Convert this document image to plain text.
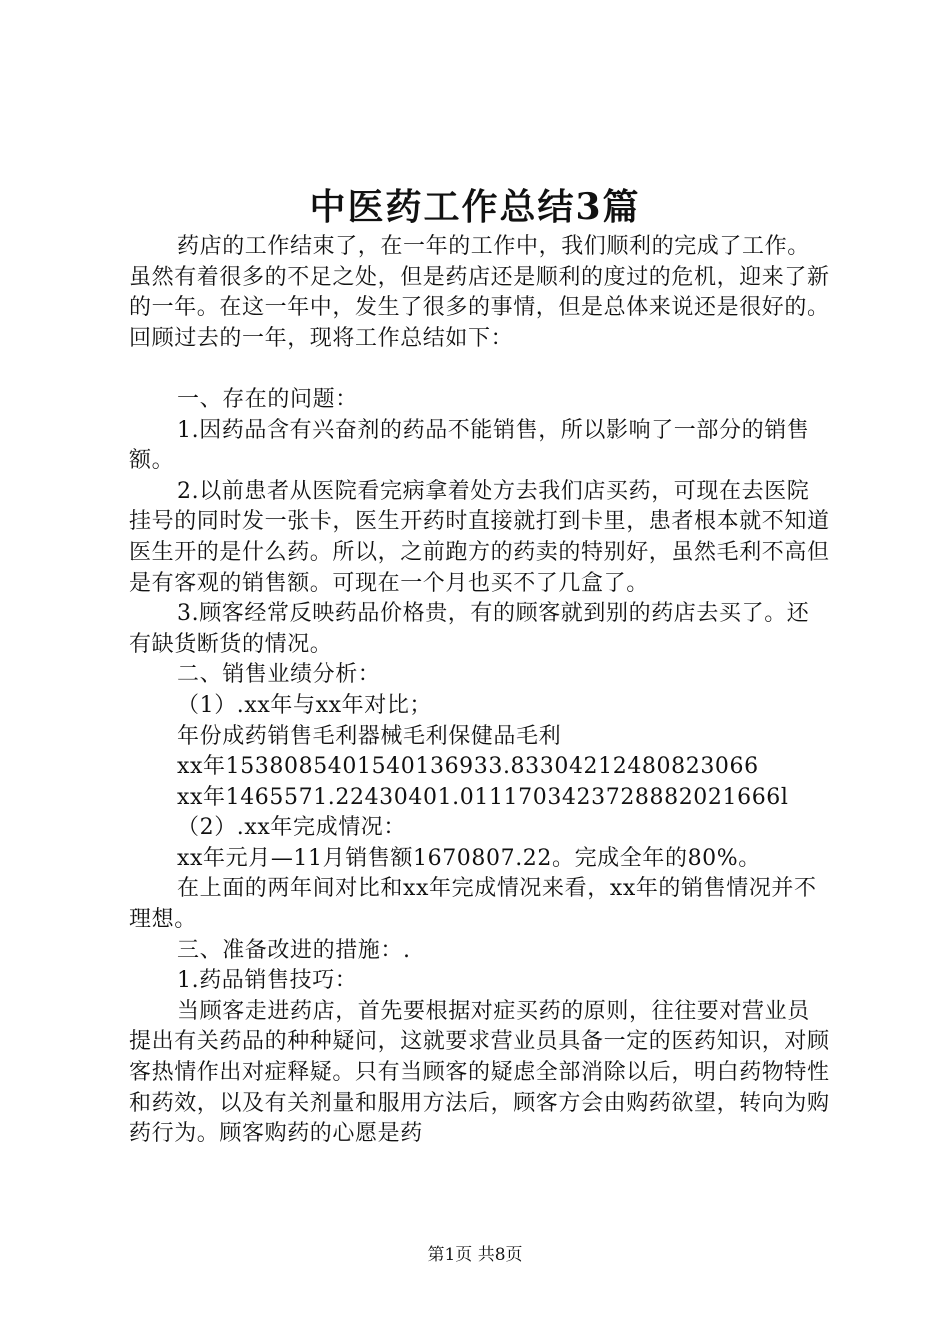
中医药工作总结3篇

药店的工作结束了，在一年的工作中，我们顺利的完成了工作。虽然有着很多的不足之处，但是药店还是顺利的度过的危机，迎来了新的一年。在这一年中，发生了很多的事情，但是总体来说还是很好的。回顾过去的一年，现将工作总结如下：

一、存在的问题：

1.因药品含有兴奋剂的药品不能销售，所以影响了一部分的销售额。

2.以前患者从医院看完病拿着处方去我们店买药，可现在去医院挂号的同时发一张卡，医生开药时直接就打到卡里，患者根本就不知道医生开的是什么药。所以，之前跑方的药卖的特别好，虽然毛利不高但是有客观的销售额。可现在一个月也买不了几盒了。

3.顾客经常反映药品价格贵，有的顾客就到别的药店去买了。还有缺货断货的情况。

二、销售业绩分析：

（1）.xx年与xx年对比；

年份成药销售毛利器械毛利保健品毛利

xx年1538085401540136933.83304212480823066

xx年1465571.22430401.0111703423728882021666l

（2）.xx年完成情况：

xx年元月—11月销售额1670807.22。完成全年的80%。

在上面的两年间对比和xx年完成情况来看，xx年的销售情况并不理想。

三、准备改进的措施：.

1.药品销售技巧：

当顾客走进药店，首先要根据对症买药的原则，往往要对营业员提出有关药品的种种疑问，这就要求营业员具备一定的医药知识，对顾客热情作出对症释疑。只有当顾客的疑虑全部消除以后，明白药物特性和药效，以及有关剂量和服用方法后，顾客方会由购药欲望，转向为购药行为。顾客购药的心愿是药

第1页 共8页
